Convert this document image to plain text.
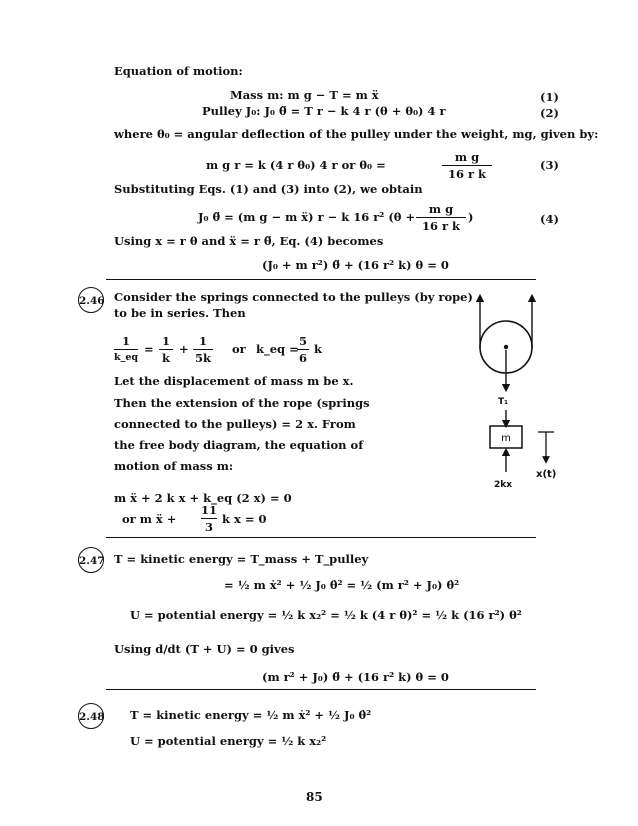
Equation of motion:
Mass m: m g − T = m ẍ	(1)
Pulley J₀: J₀ θ̈ = T r − k 4 r (θ + θ₀) 4 r	(2)
where θ₀ = angular deflection of the pulley under the weight, mg, given by:
m g r = k (4 r θ₀) 4 r or θ₀ =
m g
16 r k
(3)
Substituting Eqs. (1) and (3) into (2), we obtain
J₀ θ̈ = (m g − m ẍ) r − k 16 r² (θ +
m g
16 r k
)	(4)
Using x = r θ and ẍ = r θ̈, Eq. (4) becomes
(J₀ + m r²) θ̈ + (16 r² k) θ = 0
2.46 Consider the springs connected to the pulleys (by rope)
to be in series. Then
1
k_eq
=
1
k
+
1
5k
or k_eq =
5
6
k
Let the displacement of mass m be x.
Then the extension of the rope (springs
connected to the pulleys) = 2 x. From
the free body diagram, the equation of
motion of mass m:
m ẍ + 2 k x + k_eq (2 x) = 0
or m ẍ +
11
3
k x = 0
T₁
m
2kx
x(t)
2.47 T = kinetic energy = T_mass + T_pulley
= ½ m ẋ² + ½ J₀ θ̇² = ½ (m r² + J₀) θ̇²
U = potential energy = ½ k x₂² = ½ k (4 r θ)² = ½ k (16 r²) θ²
Using d/dt (T + U) = 0 gives
(m r² + J₀) θ̈ + (16 r² k) θ = 0
2.48 T = kinetic energy = ½ m ẋ² + ½ J₀ θ̇²
U = potential energy = ½ k x₂²
85
